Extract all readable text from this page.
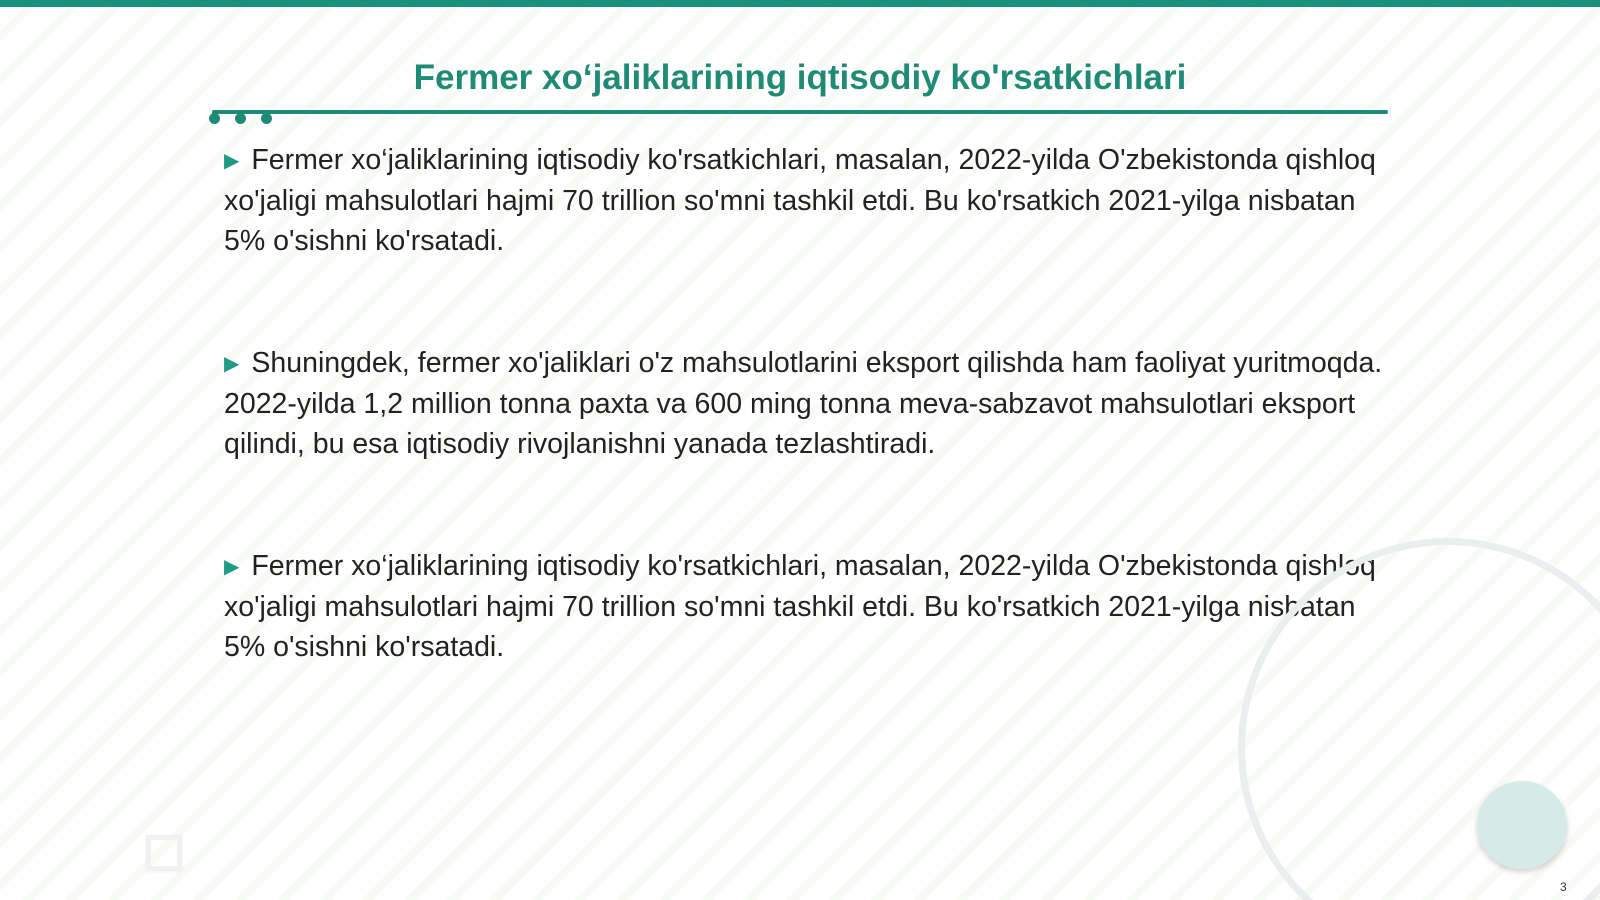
Fermer xo‘jaliklarining iqtisodiy ko'rsatkichlari

▶ Fermer xo‘jaliklarining iqtisodiy ko'rsatkichlari, masalan, 2022-yilda O'zbekistonda qishloq xo'jaligi mahsulotlari hajmi 70 trillion so'mni tashkil etdi. Bu ko'rsatkich 2021-yilga nisbatan 5% o'sishni ko'rsatadi.

▶ Shuningdek, fermer xo'jaliklari o'z mahsulotlarini eksport qilishda ham faoliyat yuritmoqda. 2022-yilda 1,2 million tonna paxta va 600 ming tonna meva-sabzavot mahsulotlari eksport qilindi, bu esa iqtisodiy rivojlanishni yanada tezlashtiradi.

▶ Fermer xo‘jaliklarining iqtisodiy ko'rsatkichlari, masalan, 2022-yilda O'zbekistonda qishloq xo'jaligi mahsulotlari hajmi 70 trillion so'mni tashkil etdi. Bu ko'rsatkich 2021-yilga nisbatan 5% o'sishni ko'rsatadi.

3
